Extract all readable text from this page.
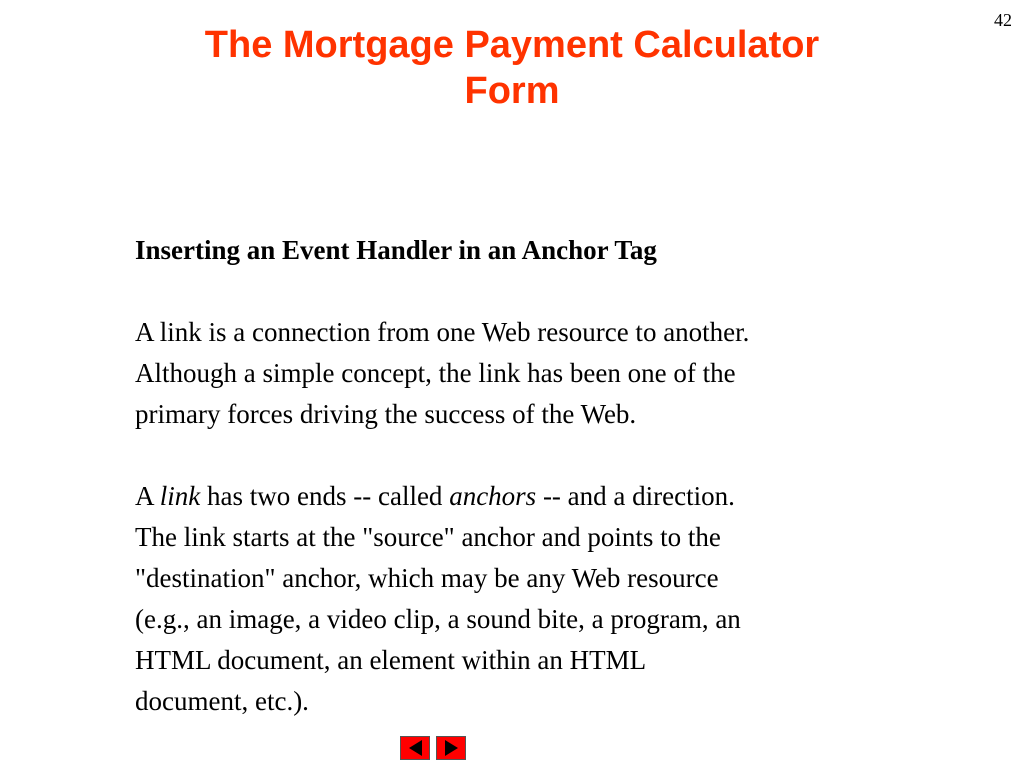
42
The Mortgage Payment Calculator
Form

Inserting an Event Handler in an Anchor Tag

A link is a connection from one Web resource to another.
Although a simple concept, the link has been one of the
primary forces driving the success of the Web.

A link has two ends -- called anchors -- and a direction.
The link starts at the "source" anchor and points to the
"destination" anchor, which may be any Web resource
(e.g., an image, a video clip, a sound bite, a program, an
HTML document, an element within an HTML
document, etc.).
